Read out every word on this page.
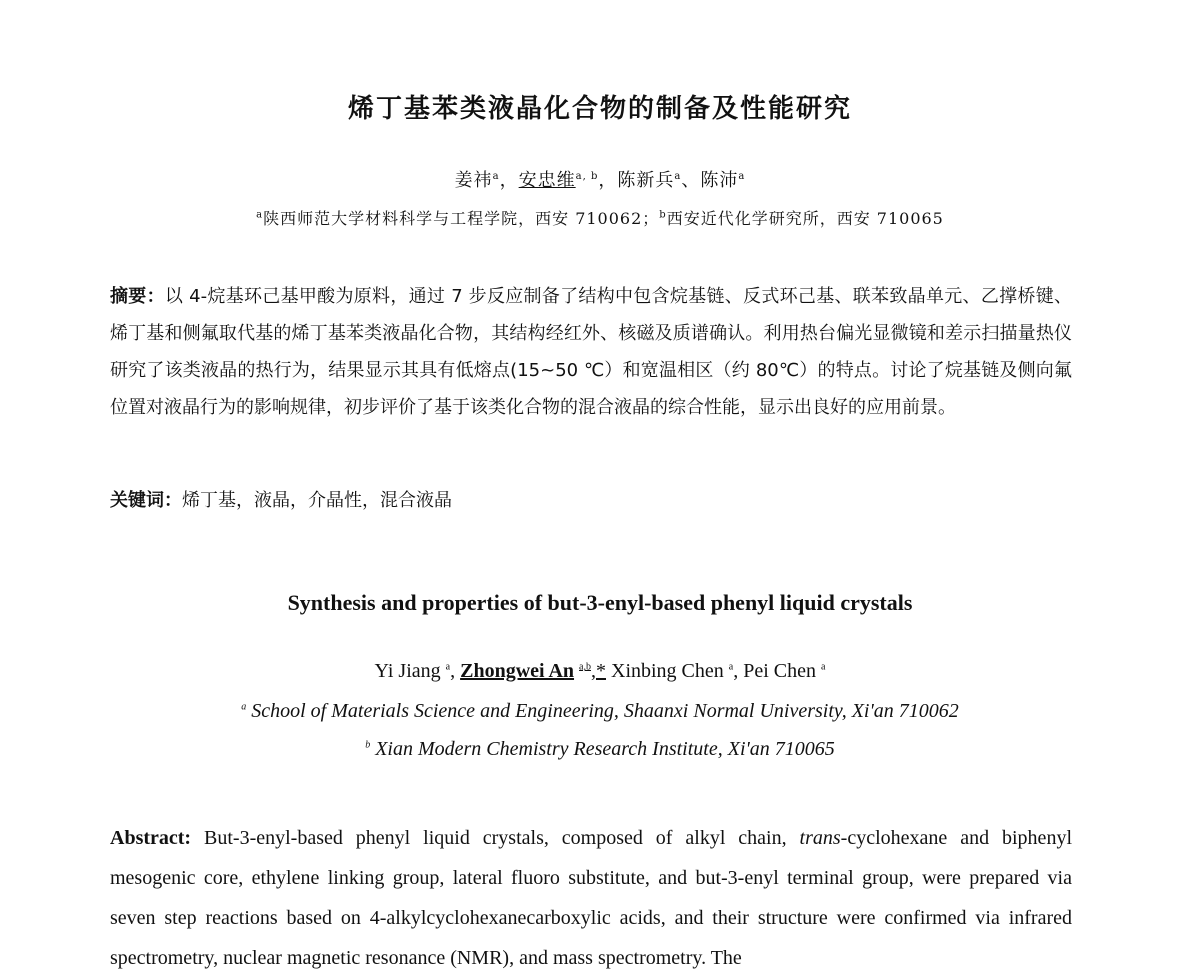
烯丁基苯类液晶化合物的制备及性能研究
姜祎$^a$，安忠维$^{a, b}$，陈新兵$^a$、陈沛$^a$
$^a$陕西师范大学材料科学与工程学院，西安 710062；$^b$西安近代化学研究所，西安 710065

摘要：以 4-烷基环己基甲酸为原料，通过 7 步反应制备了结构中包含烷基链、反式环己基、联苯致晶单元、乙撑桥键、烯丁基和侧氟取代基的烯丁基苯类液晶化合物，其结构经红外、核磁及质谱确认。利用热台偏光显微镜和差示扫描量热仪研究了该类液晶的热行为，结果显示其具有低熔点(15~50 ℃）和宽温相区（约 80℃）的特点。讨论了烷基链及侧向氟位置对液晶行为的影响规律，初步评价了基于该类化合物的混合液晶的综合性能，显示出良好的应用前景。

关键词：烯丁基，液晶，介晶性，混合液晶
Synthesis and properties of but-3-enyl-based phenyl liquid crystals
Yi Jiang $^a$, Zhongwei An $^{a,b}$,* Xinbing Chen $^a$, Pei Chen $^a$
$^a$ School of Materials Science and Engineering, Shaanxi Normal University, Xi'an 710062
$^b$ Xian Modern Chemistry Research Institute, Xi'an 710065
Abstract: But-3-enyl-based phenyl liquid crystals, composed of alkyl chain, trans-cyclohexane and biphenyl mesogenic core, ethylene linking group, lateral fluoro substitute, and but-3-enyl terminal group, were prepared via seven step reactions based on 4-alkylcyclohexanecarboxylic acids, and their structure were confirmed via infrared spectrometry, nuclear magnetic resonance (NMR), and mass spectrometry. The
